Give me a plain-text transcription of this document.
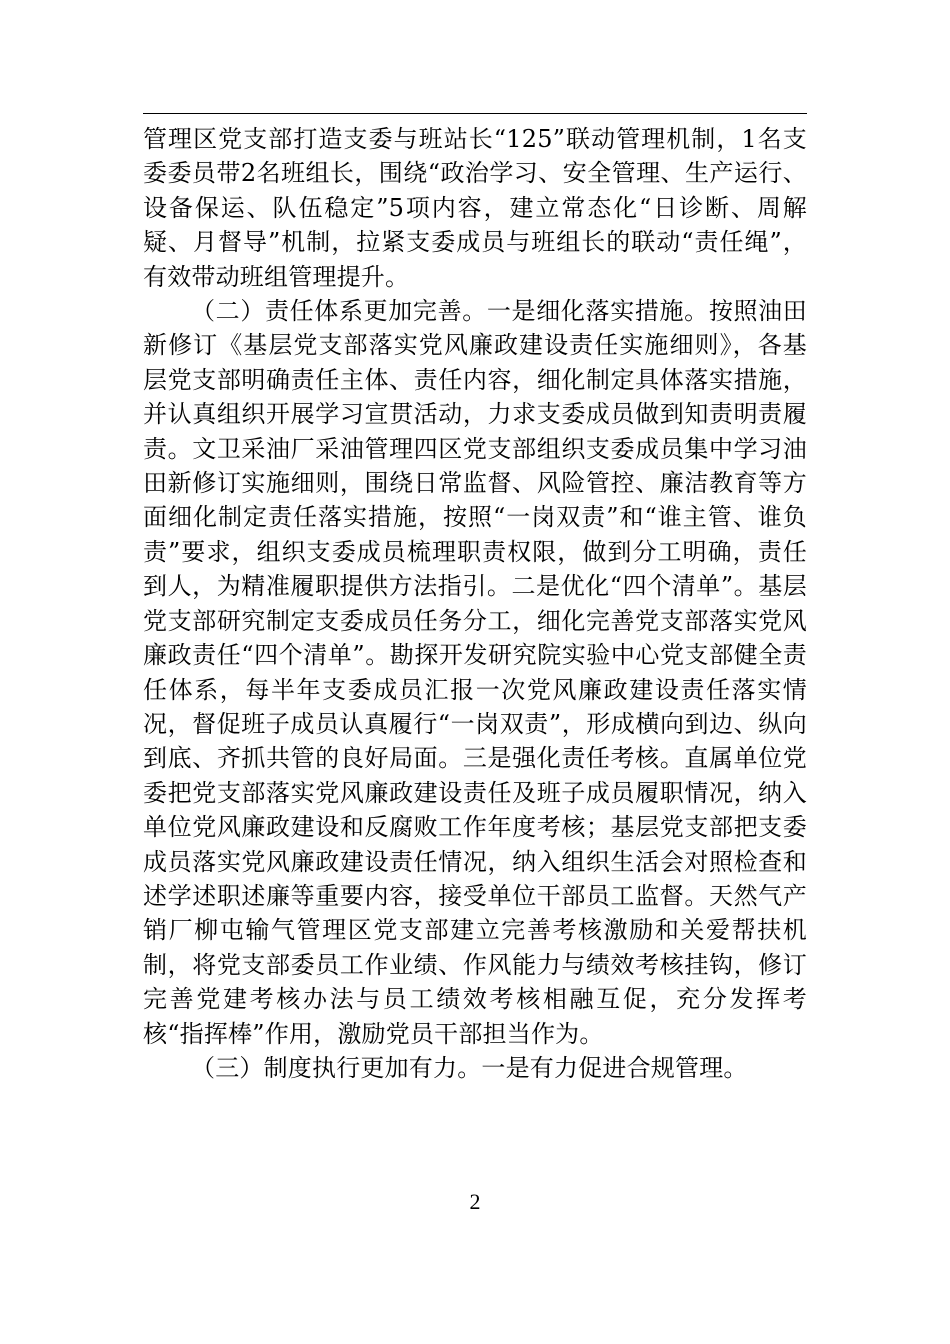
管理区党支部打造支委与班站长“125”联动管理机制，1名支委委员带2名班组长，围绕“政治学习、安全管理、生产运行、设备保运、队伍稳定”5项内容，建立常态化“日诊断、周解疑、月督导”机制，拉紧支委成员与班组长的联动“责任绳”，有效带动班组管理提升。

（二）责任体系更加完善。一是细化落实措施。按照油田新修订《基层党支部落实党风廉政建设责任实施细则》，各基层党支部明确责任主体、责任内容，细化制定具体落实措施，并认真组织开展学习宣贯活动，力求支委成员做到知责明责履责。文卫采油厂采油管理四区党支部组织支委成员集中学习油田新修订实施细则，围绕日常监督、风险管控、廉洁教育等方面细化制定责任落实措施，按照“一岗双责”和“谁主管、谁负责”要求，组织支委成员梳理职责权限，做到分工明确，责任到人，为精准履职提供方法指引。二是优化“四个清单”。基层党支部研究制定支委成员任务分工，细化完善党支部落实党风廉政责任“四个清单”。勘探开发研究院实验中心党支部健全责任体系，每半年支委成员汇报一次党风廉政建设责任落实情况，督促班子成员认真履行“一岗双责”，形成横向到边、纵向到底、齐抓共管的良好局面。三是强化责任考核。直属单位党委把党支部落实党风廉政建设责任及班子成员履职情况，纳入单位党风廉政建设和反腐败工作年度考核；基层党支部把支委成员落实党风廉政建设责任情况，纳入组织生活会对照检查和述学述职述廉等重要内容，接受单位干部员工监督。天然气产销厂柳屯输气管理区党支部建立完善考核激励和关爱帮扶机制，将党支部委员工作业绩、作风能力与绩效考核挂钩，修订完善党建考核办法与员工绩效考核相融互促，充分发挥考核“指挥棒”作用，激励党员干部担当作为。

（三）制度执行更加有力。一是有力促进合规管理。

2
